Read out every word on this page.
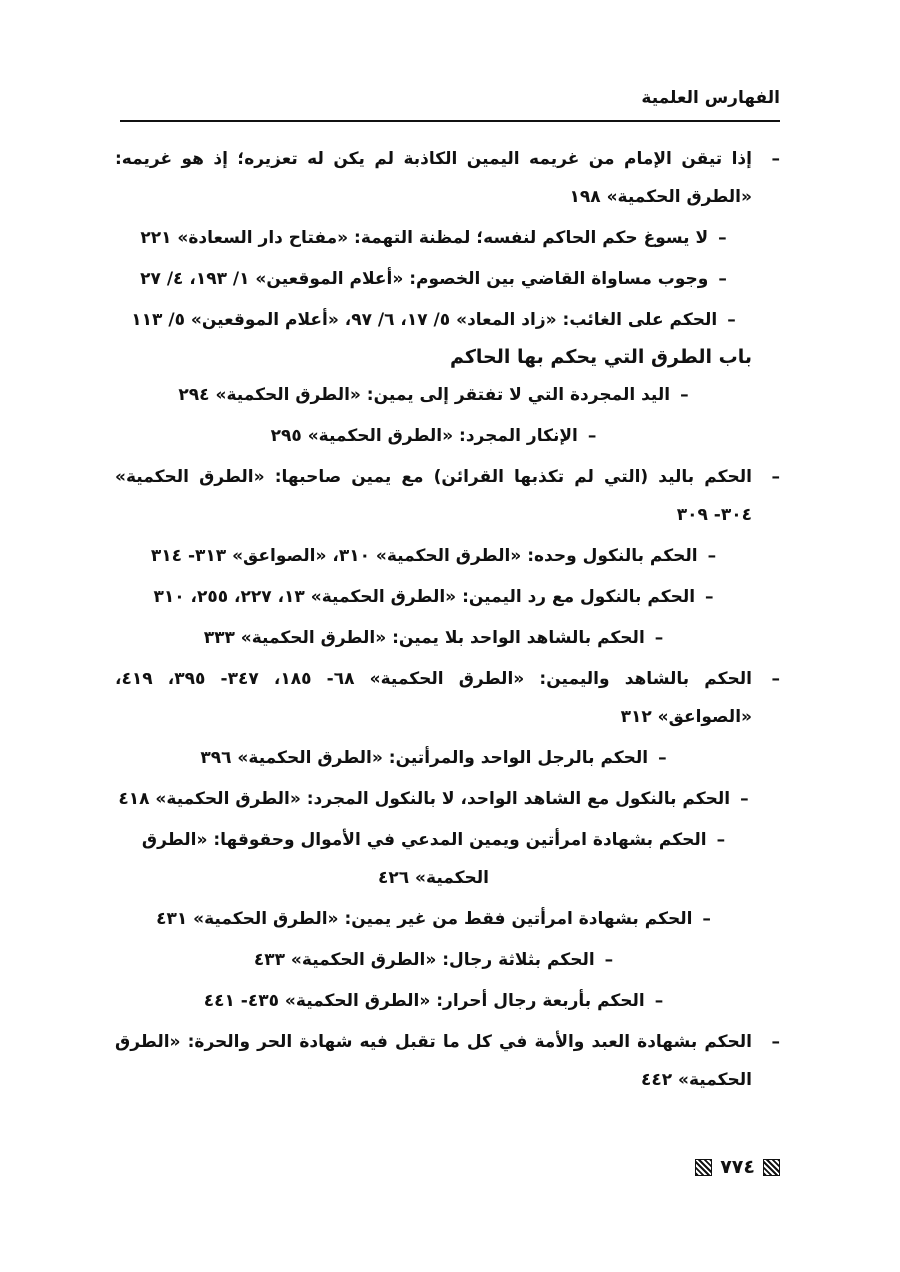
الفهارس العلمية
–
إذا تيقن الإمام من غريمه اليمين الكاذبة لم يكن له تعزيره؛ إذ هو غريمه: «الطرق الحكمية» ١٩٨
–لا يسوغ حكم الحاكم لنفسه؛ لمظنة التهمة: «مفتاح دار السعادة» ٢٢١
–وجوب مساواة القاضي بين الخصوم: «أعلام الموقعين» ١/ ١٩٣، ٤/ ٢٧
–الحكم على الغائب: «زاد المعاد» ٥/ ١٧، ٦/ ٩٧، «أعلام الموقعين» ٥/ ١١٣
باب الطرق التي يحكم بها الحاكم
–اليد المجردة التي لا تفتقر إلى يمين: «الطرق الحكمية» ٢٩٤
–الإنكار المجرد: «الطرق الحكمية» ٢٩٥
–
الحكم باليد (التي لم تكذبها القرائن) مع يمين صاحبها: «الطرق الحكمية» ٣٠٤- ٣٠٩
–الحكم بالنكول وحده: «الطرق الحكمية» ٣١٠، «الصواعق» ٣١٣- ٣١٤
–الحكم بالنكول مع رد اليمين: «الطرق الحكمية» ١٣، ٢٢٧، ٢٥٥، ٣١٠
–الحكم بالشاهد الواحد بلا يمين: «الطرق الحكمية» ٣٣٣
–
الحكم بالشاهد واليمين: «الطرق الحكمية» ٦٨- ١٨٥، ٣٤٧- ٣٩٥، ٤١٩، «الصواعق» ٣١٢
–الحكم بالرجل الواحد والمرأتين: «الطرق الحكمية» ٣٩٦
–الحكم بالنكول مع الشاهد الواحد، لا بالنكول المجرد: «الطرق الحكمية» ٤١٨
–الحكم بشهادة امرأتين ويمين المدعي في الأموال وحقوقها: «الطرق الحكمية» ٤٢٦
–الحكم بشهادة امرأتين فقط من غير يمين: «الطرق الحكمية» ٤٣١
–الحكم بثلاثة رجال: «الطرق الحكمية» ٤٣٣
–الحكم بأربعة رجال أحرار: «الطرق الحكمية» ٤٣٥- ٤٤١
–
الحكم بشهادة العبد والأمة في كل ما تقبل فيه شهادة الحر والحرة: «الطرق الحكمية» ٤٤٢
٧٧٤
